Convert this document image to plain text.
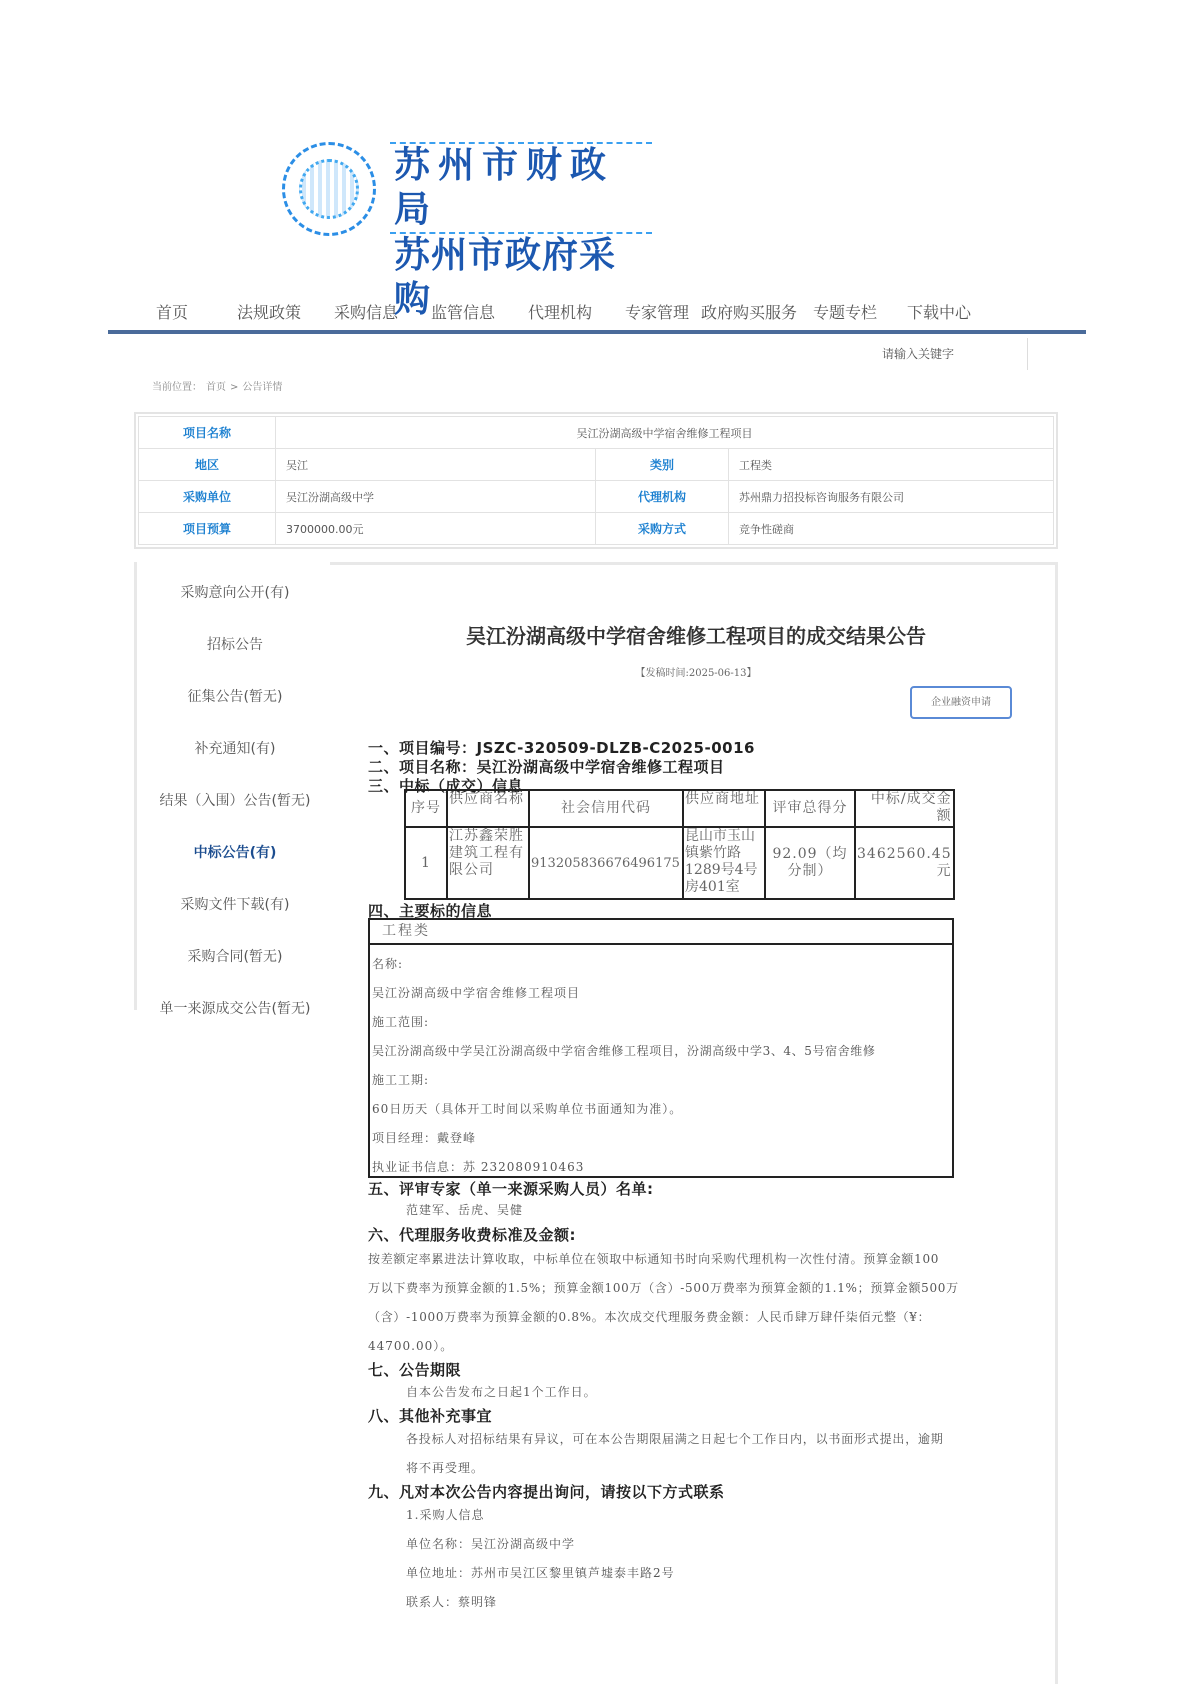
苏州市财政局
苏州市政府采购
首页	法规政策 采购信息 监管信息 代理机构 专家管理 政府购买服务 专题专栏 下载中心
请输入关键字
当前位置： 首页 > 公告详情
项目名称	吴江汾湖高级中学宿舍维修工程项目		
地区	吴江	类别	工程类
采购单位	吴江汾湖高级中学	代理机构	苏州鼎力招投标咨询服务有限公司
项目预算	3700000.00元	采购方式	竞争性磋商
采购意向公开(有)
招标公告
征集公告(暂无)
补充通知(有)
结果（入围）公告(暂无)
中标公告(有)
采购文件下载(有)
采购合同(暂无)
单一来源成交公告(暂无)
吴江汾湖高级中学宿舍维修工程项目的成交结果公告
【发稿时间:2025-06-13】
企业融资申请
一、项目编号：JSZC-320509-DLZB-C2025-0016
二、项目名称：吴江汾湖高级中学宿舍维修工程项目
三、中标（成交）信息
序号	供应商名称	社会信用代码	供应商地址	评审总得分	中标/成交金额
1	江苏鑫荣胜建筑工程有限公司	913205836676496175	昆山市玉山镇紫竹路1289号4号房401室	92.09（均分制）	3462560.45元
四、主要标的信息
工程类
名称:
吴江汾湖高级中学宿舍维修工程项目
施工范围:
吴江汾湖高级中学吴江汾湖高级中学宿舍维修工程项目，汾湖高级中学3、4、5号宿舍维修
施工工期:
60日历天（具体开工时间以采购单位书面通知为准）。
项目经理：戴登峰
执业证书信息：苏 232080910463
五、评审专家（单一来源采购人员）名单:
范建军、岳虎、吴健
六、代理服务收费标准及金额:
按差额定率累进法计算收取，中标单位在领取中标通知书时向采购代理机构一次性付清。预算金额100
万以下费率为预算金额的1.5%；预算金额100万（含）-500万费率为预算金额的1.1%；预算金额500万
（含）-1000万费率为预算金额的0.8%。本次成交代理服务费金额：人民币肆万肆仟柒佰元整（¥：
44700.00）。
七、公告期限
自本公告发布之日起1个工作日。
八、其他补充事宜
各投标人对招标结果有异议，可在本公告期限届满之日起七个工作日内，以书面形式提出，逾期
将不再受理。
九、凡对本次公告内容提出询问，请按以下方式联系
1.采购人信息
单位名称：吴江汾湖高级中学
单位地址：苏州市吴江区黎里镇芦墟泰丰路2号
联系人：蔡明锋
